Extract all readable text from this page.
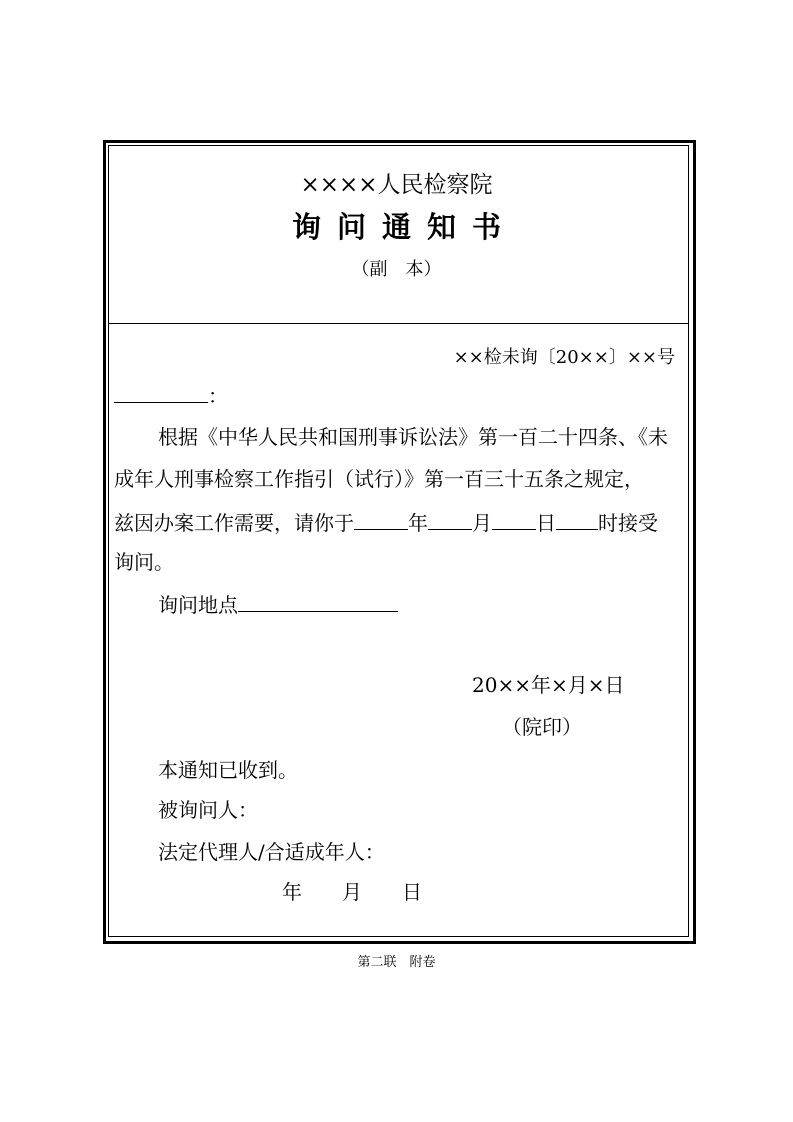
××××人民检察院
询问通知书
（副　本）
××检未询〔20××〕××号
：
根据《中华人民共和国刑事诉讼法》第一百二十四条、《未
成年人刑事检察工作指引（试行）》第一百三十五条之规定，
兹因办案工作需要，请你于	年 月 日 时接受
询问。
询问地点
20××年×月×日
（院印）
本通知已收到。
被询问人：
法定代理人/合适成年人：
年　　月　　日
第二联　附卷
